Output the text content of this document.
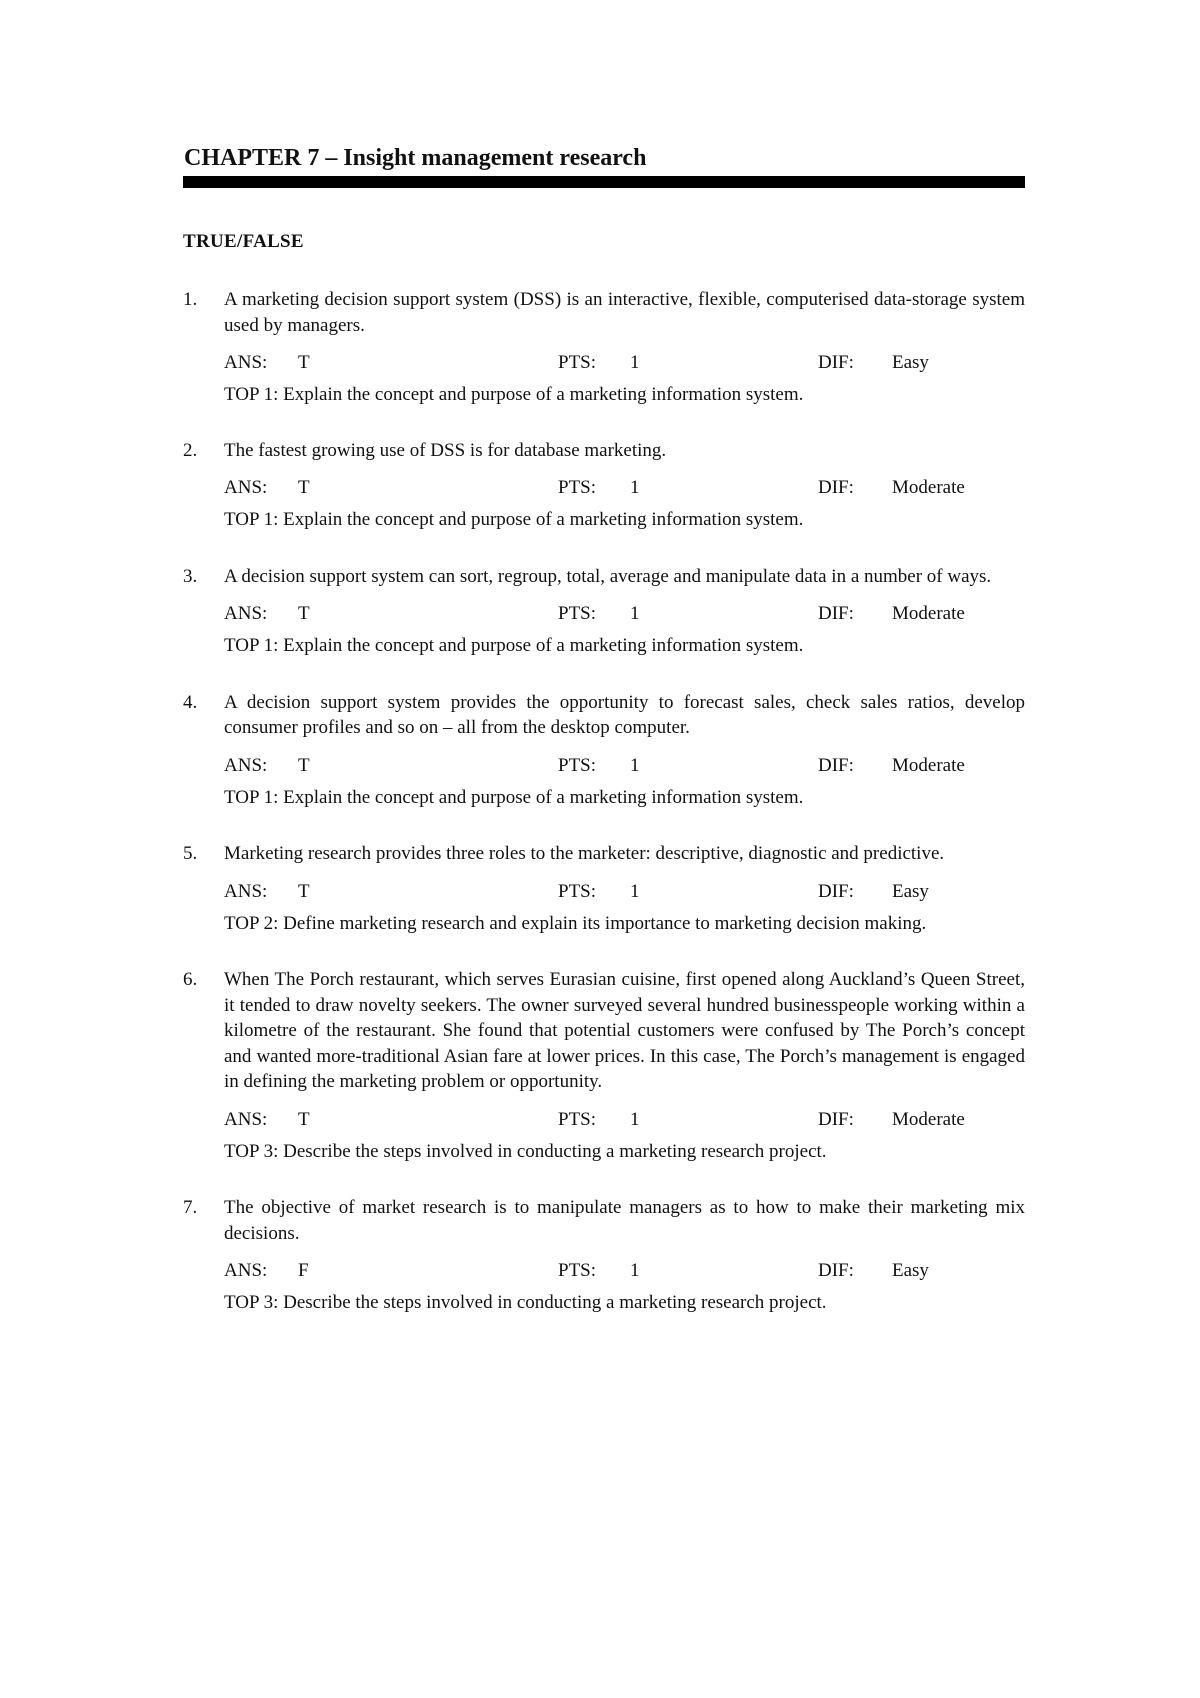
CHAPTER 7 – Insight management research
TRUE/FALSE
1. A marketing decision support system (DSS) is an interactive, flexible, computerised data-storage system used by managers.

ANS: T	PTS: 1	DIF: Easy
TOP 1: Explain the concept and purpose of a marketing information system.
2. The fastest growing use of DSS is for database marketing.

ANS: T	PTS: 1	DIF: Moderate
TOP 1: Explain the concept and purpose of a marketing information system.
3. A decision support system can sort, regroup, total, average and manipulate data in a number of ways.

ANS: T	PTS: 1	DIF: Moderate
TOP 1: Explain the concept and purpose of a marketing information system.
4. A decision support system provides the opportunity to forecast sales, check sales ratios, develop consumer profiles and so on – all from the desktop computer.

ANS: T	PTS: 1	DIF: Moderate
TOP 1: Explain the concept and purpose of a marketing information system.
5. Marketing research provides three roles to the marketer: descriptive, diagnostic and predictive.

ANS: T	PTS: 1	DIF: Easy
TOP 2: Define marketing research and explain its importance to marketing decision making.
6. When The Porch restaurant, which serves Eurasian cuisine, first opened along Auckland’s Queen Street, it tended to draw novelty seekers. The owner surveyed several hundred businesspeople working within a kilometre of the restaurant. She found that potential customers were confused by The Porch’s concept and wanted more-traditional Asian fare at lower prices. In this case, The Porch’s management is engaged in defining the marketing problem or opportunity.

ANS: T	PTS: 1	DIF: Moderate
TOP 3: Describe the steps involved in conducting a marketing research project.
7. The objective of market research is to manipulate managers as to how to make their marketing mix decisions.

ANS: F	PTS: 1	DIF: Easy
TOP 3: Describe the steps involved in conducting a marketing research project.
